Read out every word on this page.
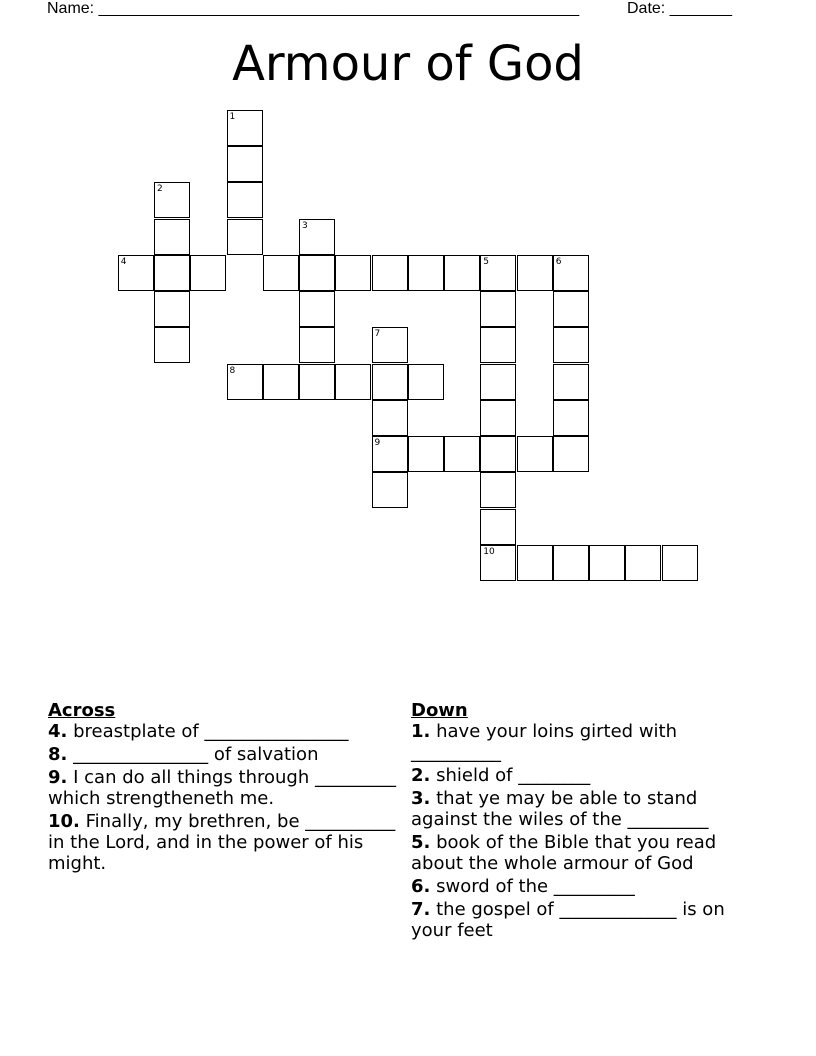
Name: ______________________________________________________	Date: _______
Armour of God
1
2
3
4	5	6
10
7
9
8
Across
4. breastplate of ________________
8. _______________ of salvation
9. I can do all things through _________ which strengtheneth me.
10. Finally, my brethren, be __________ in the Lord, and in the power of his might.
Down
1. have your loins girted with __________
2. shield of ________
3. that ye may be able to stand against the wiles of the _________
5. book of the Bible that you read about the whole armour of God
6. sword of the _________
7. the gospel of _____________ is on your feet
